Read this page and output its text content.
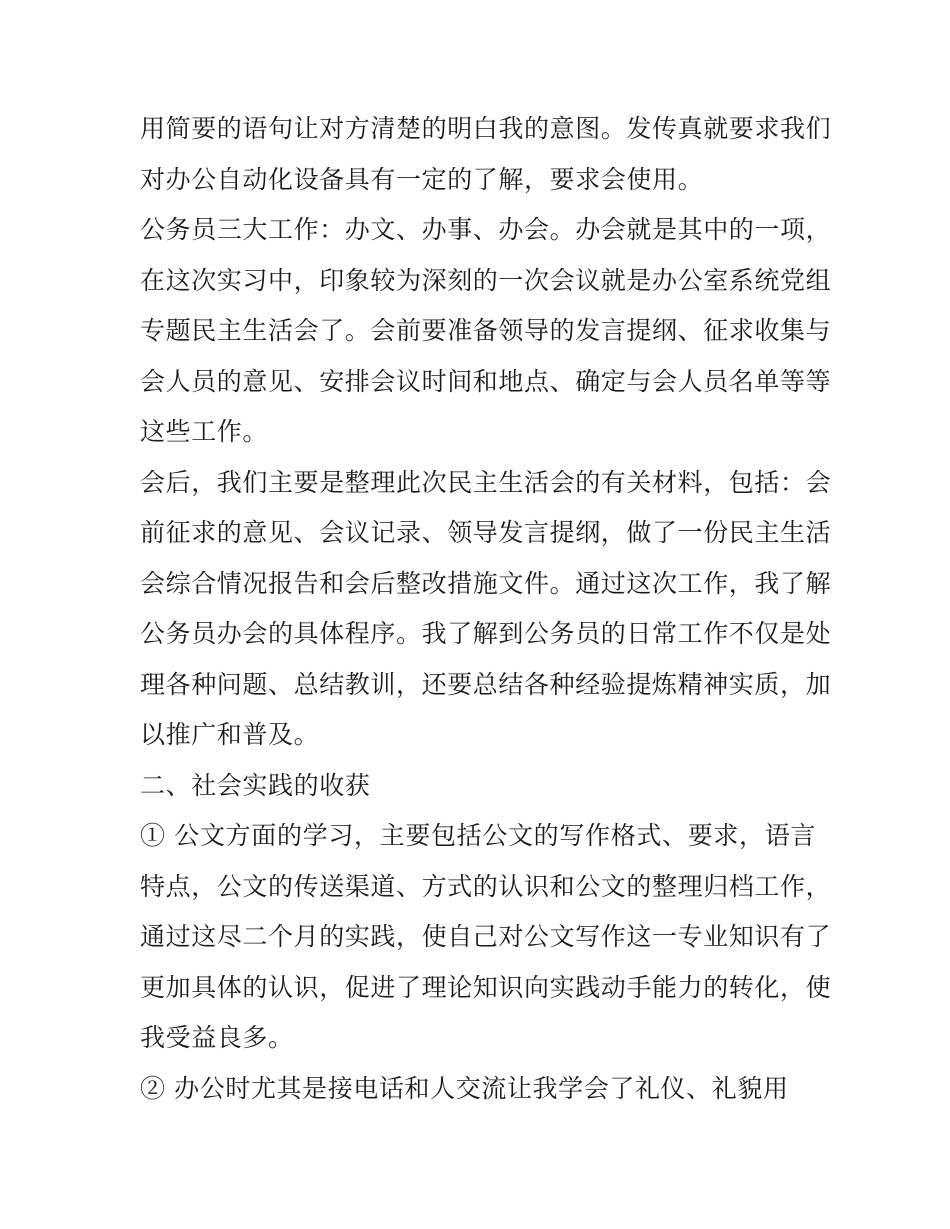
用简要的语句让对方清楚的明白我的意图。发传真就要求我们
对办公自动化设备具有一定的了解，要求会使用。

公务员三大工作：办文、办事、办会。办会就是其中的一项，
在这次实习中，印象较为深刻的一次会议就是办公室系统党组
专题民主生活会了。会前要准备领导的发言提纲、征求收集与
会人员的意见、安排会议时间和地点、确定与会人员名单等等
这些工作。

会后，我们主要是整理此次民主生活会的有关材料，包括：会
前征求的意见、会议记录、领导发言提纲，做了一份民主生活
会综合情况报告和会后整改措施文件。通过这次工作，我了解
公务员办会的具体程序。我了解到公务员的日常工作不仅是处
理各种问题、总结教训，还要总结各种经验提炼精神实质，加
以推广和普及。

二、社会实践的收获

① 公文方面的学习，主要包括公文的写作格式、要求，语言
特点，公文的传送渠道、方式的认识和公文的整理归档工作，
通过这尽二个月的实践，使自己对公文写作这一专业知识有了
更加具体的认识，促进了理论知识向实践动手能力的转化，使
我受益良多。

② 办公时尤其是接电话和人交流让我学会了礼仪、礼貌用
